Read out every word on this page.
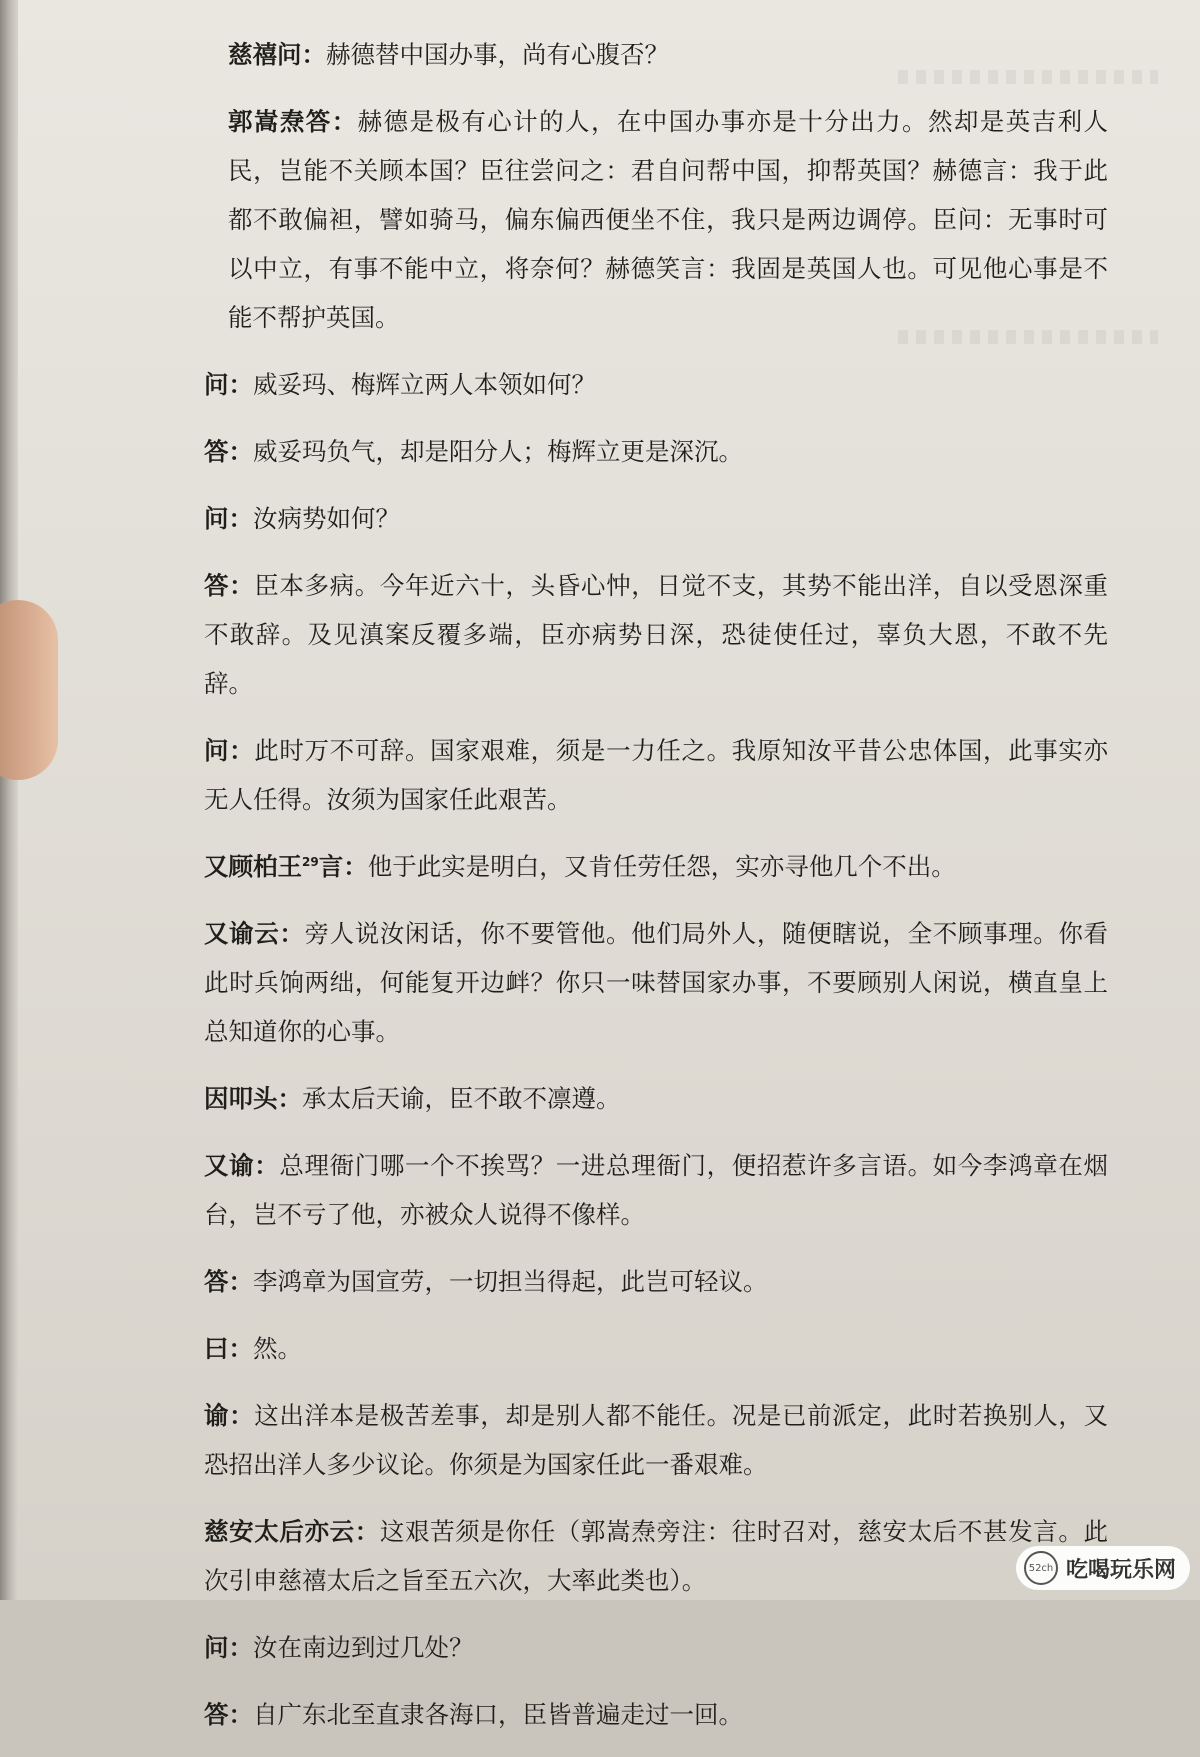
慈禧问：赫德替中国办事，尚有心腹否？

郭嵩焘答：赫德是极有心计的人，在中国办事亦是十分出力。然却是英吉利人民，岂能不关顾本国？臣往尝问之：君自问帮中国，抑帮英国？赫德言：我于此都不敢偏袒，譬如骑马，偏东偏西便坐不住，我只是两边调停。臣问：无事时可以中立，有事不能中立，将奈何？赫德笑言：我固是英国人也。可见他心事是不能不帮护英国。

问：威妥玛、梅辉立两人本领如何？

答：威妥玛负气，却是阳分人；梅辉立更是深沉。

问：汝病势如何？

答：臣本多病。今年近六十，头昏心忡，日觉不支，其势不能出洋，自以受恩深重不敢辞。及见滇案反覆多端，臣亦病势日深，恐徒使任过，辜负大恩，不敢不先辞。

问：此时万不可辞。国家艰难，须是一力任之。我原知汝平昔公忠体国，此事实亦无人任得。汝须为国家任此艰苦。

又顾柏王$^{29}$言：他于此实是明白，又肯任劳任怨，实亦寻他几个不出。

又谕云：旁人说汝闲话，你不要管他。他们局外人，随便瞎说，全不顾事理。你看此时兵饷两绌，何能复开边衅？你只一味替国家办事，不要顾别人闲说，横直皇上总知道你的心事。

因叩头：承太后天谕，臣不敢不凛遵。

又谕：总理衙门哪一个不挨骂？一进总理衙门，便招惹许多言语。如今李鸿章在烟台，岂不亏了他，亦被众人说得不像样。

答：李鸿章为国宣劳，一切担当得起，此岂可轻议。

曰：然。

谕：这出洋本是极苦差事，却是别人都不能任。况是已前派定，此时若换别人，又恐招出洋人多少议论。你须是为国家任此一番艰难。

慈安太后亦云：这艰苦须是你任（郭嵩焘旁注：往时召对，慈安太后不甚发言。此次引申慈禧太后之旨至五六次，大率此类也）。

问：汝在南边到过几处？

答：自广东北至直隶各海口，臣皆普遍走过一回。

52ch 吃喝玩乐网
